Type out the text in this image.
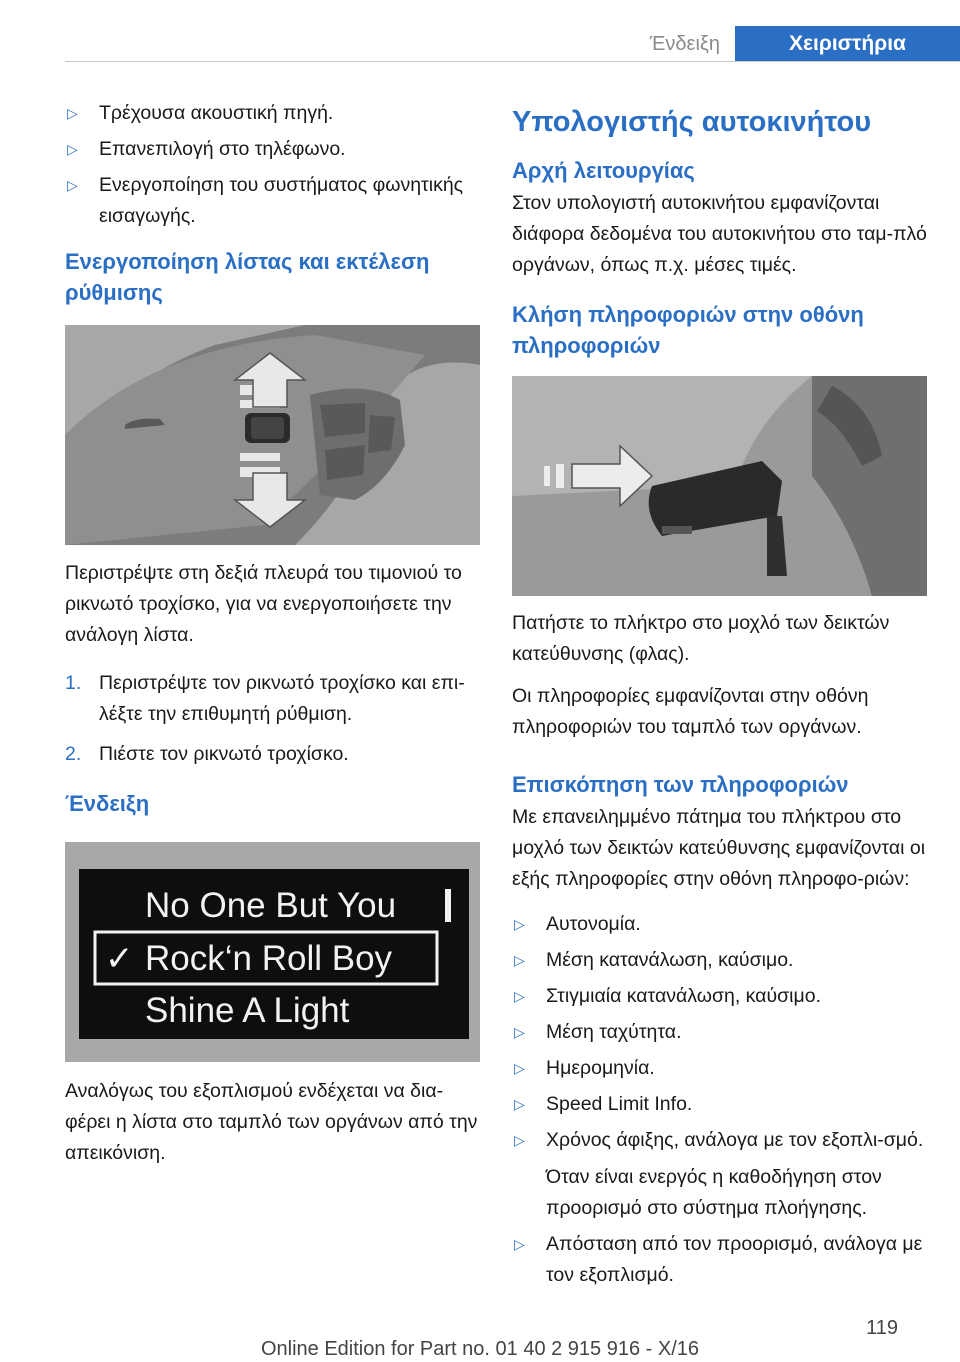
Ένδειξη	Χειριστήρια
▷ Τρέχουσα ακουστική πηγή.
▷ Επανεπιλογή στο τηλέφωνο.
▷ Ενεργοποίηση του συστήματος φωνητικής εισαγωγής.
Ενεργοποίηση λίστας και εκτέλεση ρύθμισης

Περιστρέψτε στη δεξιά πλευρά του τιμονιού το ρικνωτό τροχίσκο, για να ενεργοποιήσετε την ανάλογη λίστα.

1. Περιστρέψτε τον ρικνωτό τροχίσκο και επι-λέξτε την επιθυμητή ρύθμιση.
2. Πιέστε τον ρικνωτό τροχίσκο.
Ένδειξη
No One But You
✓ Rock‘n Roll Boy
Shine A Light

Αναλόγως του εξοπλισμού ενδέχεται να δια-φέρει η λίστα στο ταμπλό των οργάνων από την απεικόνιση.

Υπολογιστής αυτοκινήτου
Αρχή λειτουργίας

Στον υπολογιστή αυτοκινήτου εμφανίζονται διάφορα δεδομένα του αυτοκινήτου στο ταμ-πλό οργάνων, όπως π.χ. μέσες τιμές.

Κλήση πληροφοριών στην οθόνη πληροφοριών

Πατήστε το πλήκτρο στο μοχλό των δεικτών κατεύθυνσης (φλας).

Οι πληροφορίες εμφανίζονται στην οθόνη πληροφοριών του ταμπλό των οργάνων.

Επισκόπηση των πληροφοριών

Με επανειλημμένο πάτημα του πλήκτρου στο μοχλό των δεικτών κατεύθυνσης εμφανίζονται οι εξής πληροφορίες στην οθόνη πληροφο-ριών:

▷ Αυτονομία.
▷ Μέση κατανάλωση, καύσιμο.
▷ Στιγμιαία κατανάλωση, καύσιμο.
▷ Μέση ταχύτητα.
▷ Ημερομηνία.
▷ Speed Limit Info.
▷ Χρόνος άφιξης, ανάλογα με τον εξοπλι-σμό.
Όταν είναι ενεργός η καθοδήγηση στον προορισμό στο σύστημα πλοήγησης.
▷ Απόσταση από τον προορισμό, ανάλογα με τον εξοπλισμό.
119
Online Edition for Part no. 01 40 2 915 916 - X/16
